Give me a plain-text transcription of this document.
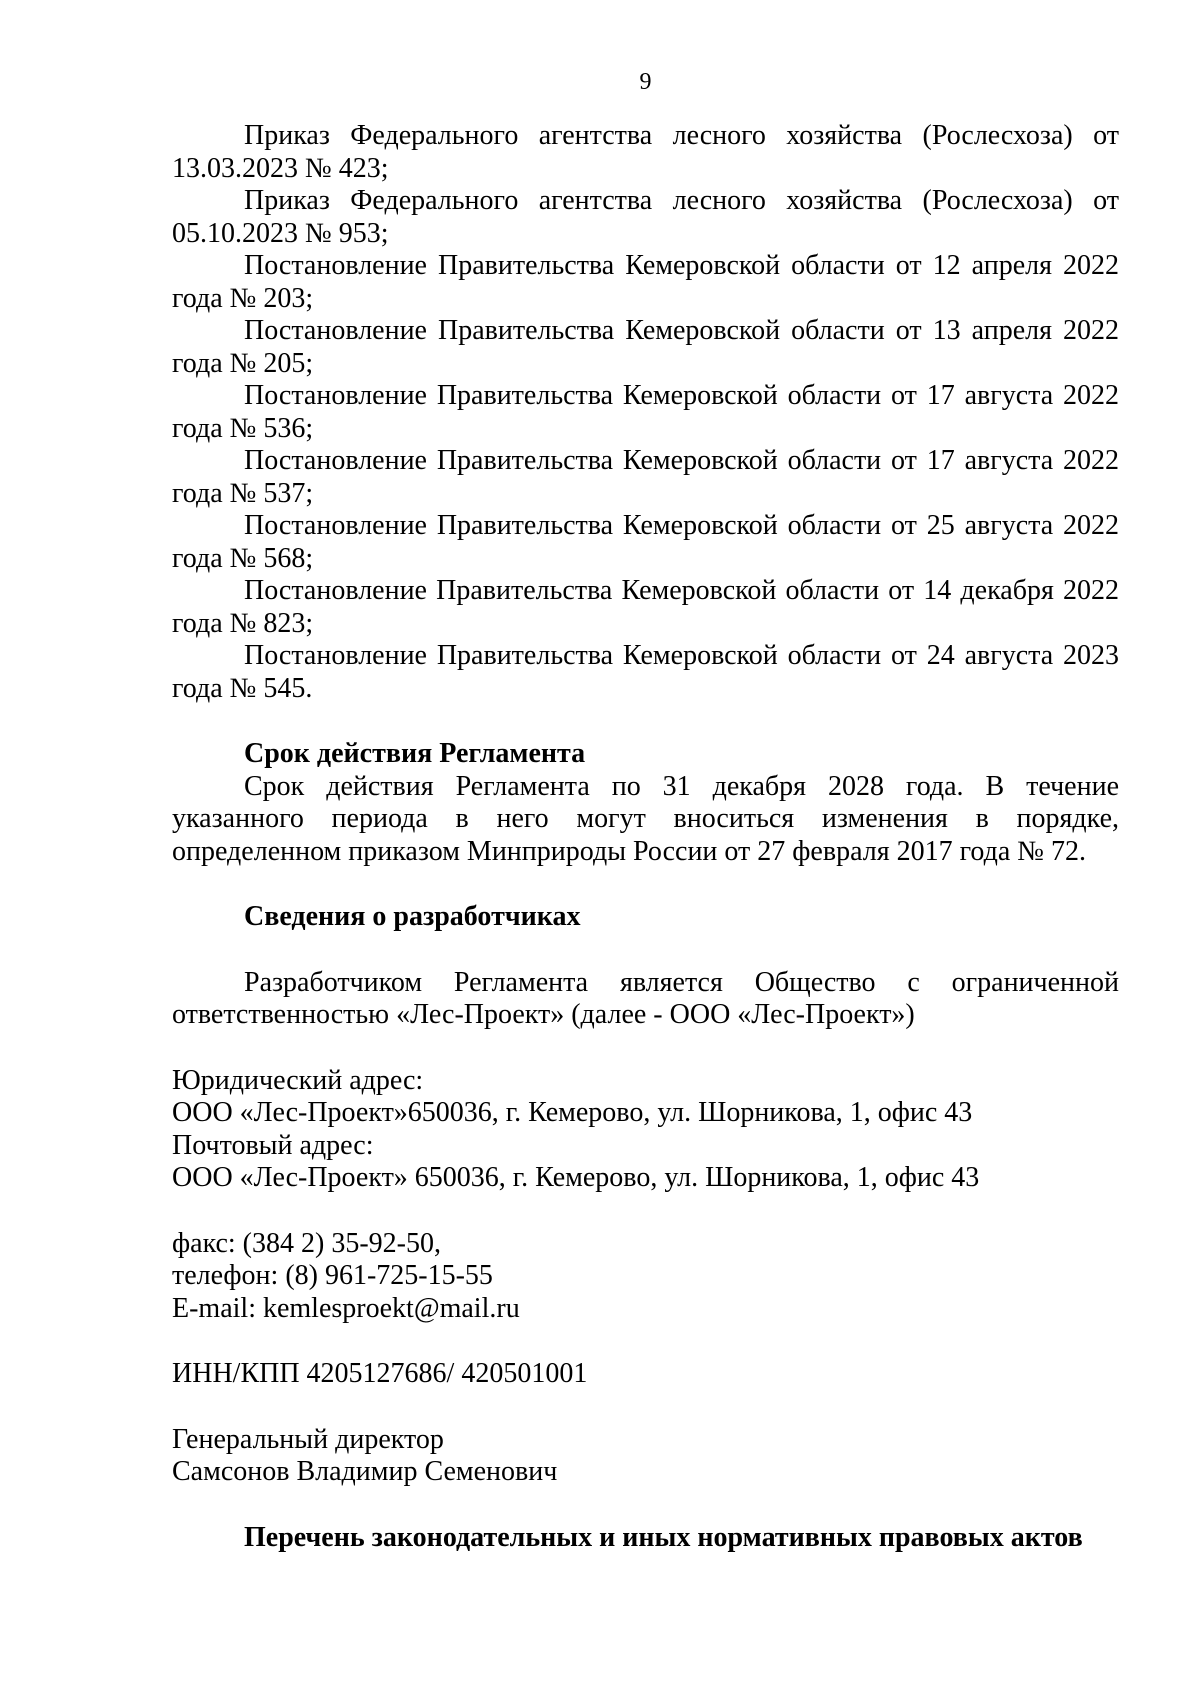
9

Приказ Федерального агентства лесного хозяйства (Рослесхоза) от 13.03.2023 № 423;

Приказ Федерального агентства лесного хозяйства (Рослесхоза) от 05.10.2023 № 953;

Постановление Правительства Кемеровской области от 12 апреля 2022 года № 203;

Постановление Правительства Кемеровской области от 13 апреля 2022 года № 205;

Постановление Правительства Кемеровской области от 17 августа 2022 года № 536;

Постановление Правительства Кемеровской области от 17 августа 2022 года № 537;

Постановление Правительства Кемеровской области от 25 августа 2022 года № 568;

Постановление Правительства Кемеровской области от 14 декабря 2022 года № 823;

Постановление Правительства Кемеровской области от 24 августа 2023 года № 545.

Срок действия Регламента

Срок действия Регламента по 31 декабря 2028 года. В течение указанного периода в него могут вноситься изменения в порядке, определенном приказом Минприроды России от 27 февраля 2017 года № 72.

Сведения о разработчиках

Разработчиком Регламента является Общество с ограниченной ответственностью «Лес-Проект» (далее - ООО «Лес-Проект»)

Юридический адрес:

ООО «Лес-Проект»650036, г. Кемерово, ул. Шорникова, 1, офис 43

Почтовый адрес:

ООО «Лес-Проект» 650036, г. Кемерово, ул. Шорникова, 1, офис 43

факс: (384 2) 35-92-50,

телефон: (8) 961-725-15-55

E-mail: kemlesproekt@mail.ru

ИНН/КПП 4205127686/ 420501001

Генеральный директор

Самсонов Владимир Семенович

Перечень законодательных и иных нормативных правовых актов
